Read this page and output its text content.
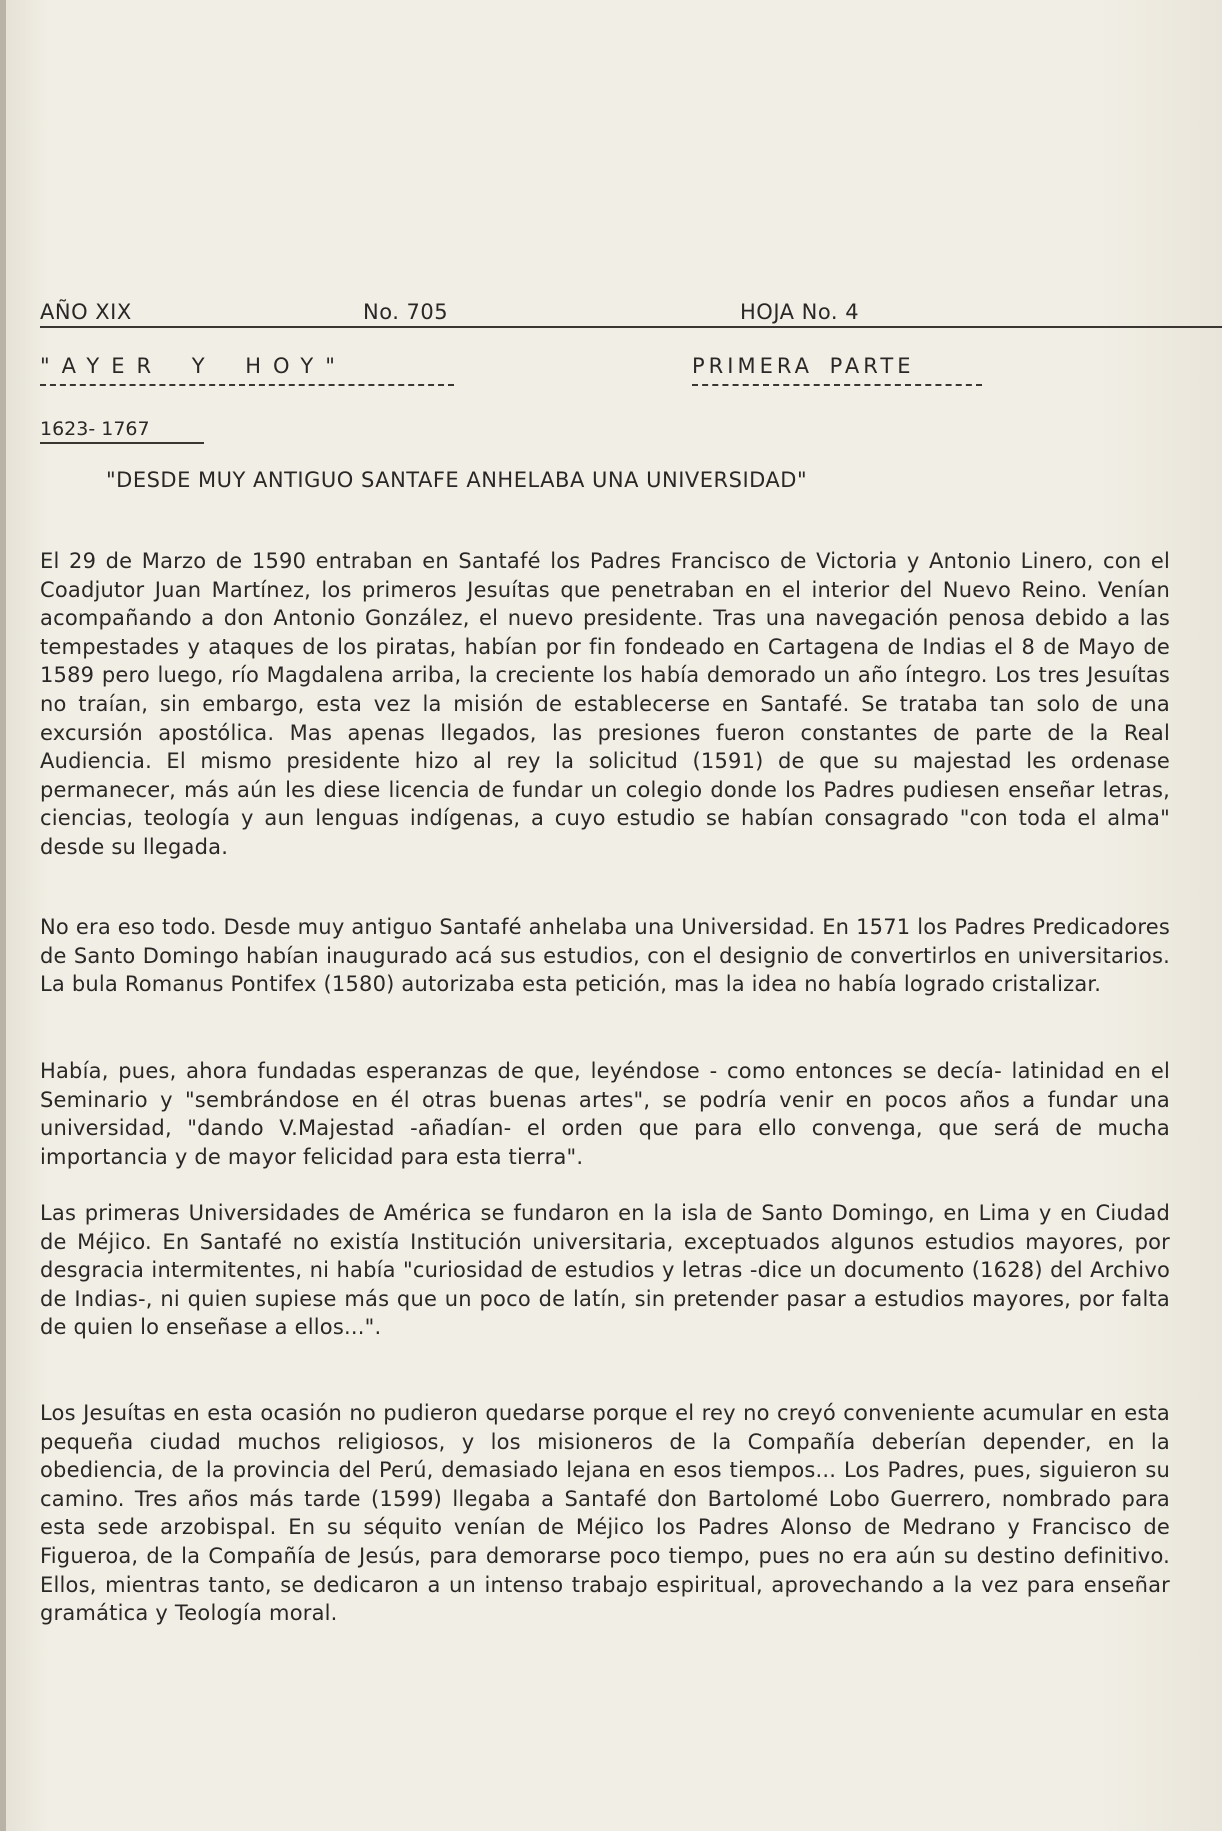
AÑO XIX	No. 705	HOJA No. 4
"AYER Y HOY"	PRIMERA PARTE
1623- 1767
"DESDE MUY ANTIGUO SANTAFE ANHELABA UNA UNIVERSIDAD"

El 29 de Marzo de 1590 entraban en Santafé los Padres Francisco de Victoria y Antonio Linero, con el Coadjutor Juan Martínez, los primeros Jesuítas que penetraban en el interior del Nuevo Reino. Venían acompañando a don Antonio González, el nuevo presidente. Tras una navegación penosa debido a las tempestades y ataques de los piratas, habían por fin fondeado en Cartagena de Indias el 8 de Mayo de 1589 pero luego, río Magdalena arriba, la creciente los había demorado un año íntegro. Los tres Jesuítas no traían, sin embargo, esta vez la misión de establecerse en Santafé. Se trataba tan solo de una excursión apostólica. Mas apenas llegados, las presiones fueron constantes de parte de la Real Audiencia. El mismo presidente hizo al rey la solicitud (1591) de que su majestad les ordenase permanecer, más aún les diese licencia de fundar un colegio donde los Padres pudiesen enseñar letras, ciencias, teología y aun lenguas indígenas, a cuyo estudio se habían consagrado "con toda el alma" desde su llegada.

No era eso todo. Desde muy antiguo Santafé anhelaba una Universidad. En 1571 los Padres Predicadores de Santo Domingo habían inaugurado acá sus estudios, con el designio de convertirlos en universitarios. La bula Romanus Pontifex (1580) autorizaba esta petición, mas la idea no había logrado cristalizar.

Había, pues, ahora fundadas esperanzas de que, leyéndose - como entonces se decía- latinidad en el Seminario y "sembrándose en él otras buenas artes", se podría venir en pocos años a fundar una universidad, "dando V.Majestad -añadían- el orden que para ello convenga, que será de mucha importancia y de mayor felicidad para esta tierra".

Las primeras Universidades de América se fundaron en la isla de Santo Domingo, en Lima y en Ciudad de Méjico. En Santafé no existía Institución universitaria, exceptuados algunos estudios mayores, por desgracia intermitentes, ni había "curiosidad de estudios y letras -dice un documento (1628) del Archivo de Indias-, ni quien supiese más que un poco de latín, sin pretender pasar a estudios mayores, por falta de quien lo enseñase a ellos...".

Los Jesuítas en esta ocasión no pudieron quedarse porque el rey no creyó conveniente acumular en esta pequeña ciudad muchos religiosos, y los misioneros de la Compañía deberían depender, en la obediencia, de la provincia del Perú, demasiado lejana en esos tiempos... Los Padres, pues, siguieron su camino. Tres años más tarde (1599) llegaba a Santafé don Bartolomé Lobo Guerrero, nombrado para esta sede arzobispal. En su séquito venían de Méjico los Padres Alonso de Medrano y Francisco de Figueroa, de la Compañía de Jesús, para demorarse poco tiempo, pues no era aún su destino definitivo. Ellos, mientras tanto, se dedicaron a un intenso trabajo espiritual, aprovechando a la vez para enseñar gramática y Teología moral.
